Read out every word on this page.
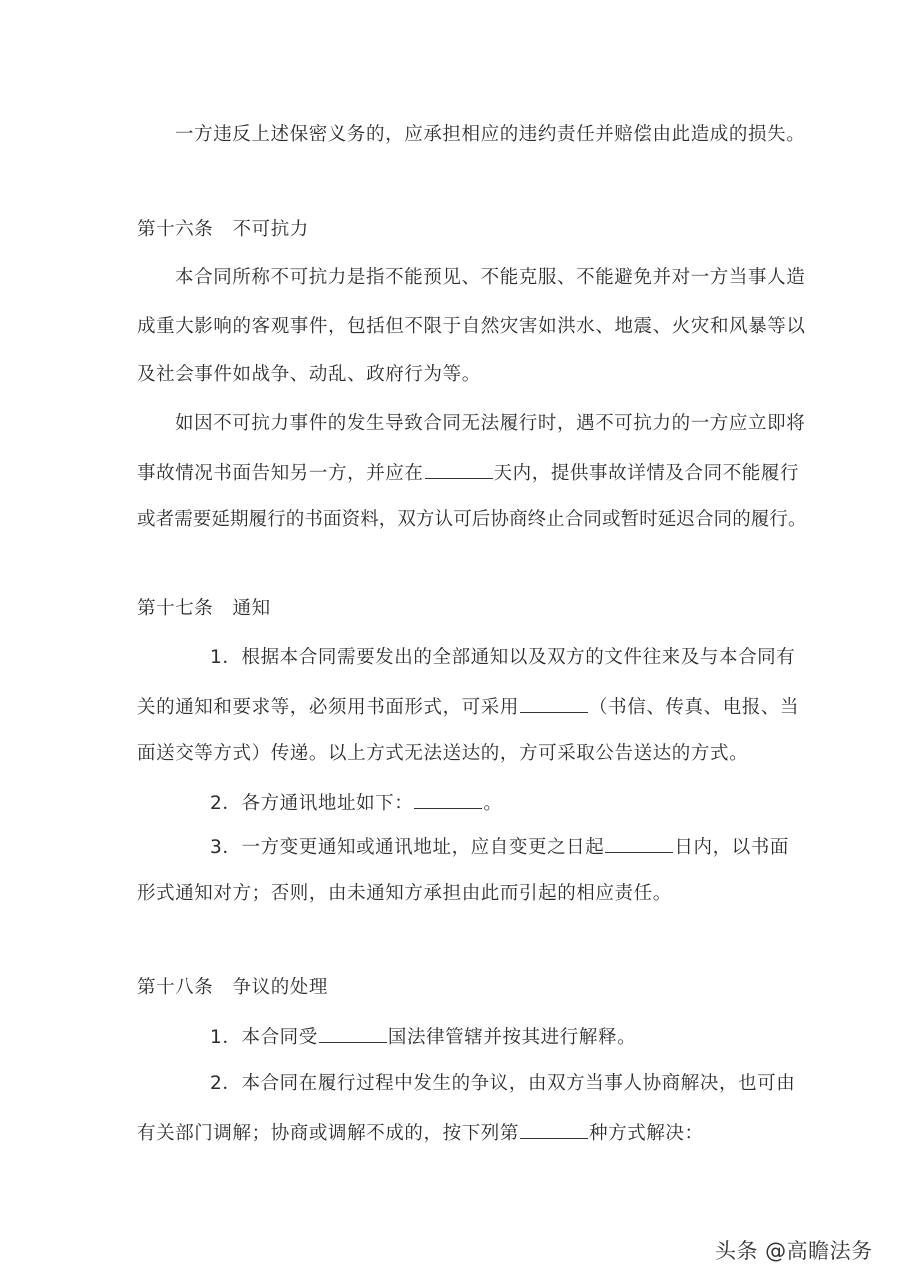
一方违反上述保密义务的，应承担相应的违约责任并赔偿由此造成的损失。
第十六条　不可抗力
本合同所称不可抗力是指不能预见、不能克服、不能避免并对一方当事人造
成重大影响的客观事件，包括但不限于自然灾害如洪水、地震、火灾和风暴等以
及社会事件如战争、动乱、政府行为等。
如因不可抗力事件的发生导致合同无法履行时，遇不可抗力的一方应立即将
事故情况书面告知另一方，并应在	天内，提供事故详情及合同不能履行
或者需要延期履行的书面资料，双方认可后协商终止合同或暂时延迟合同的履行。
第十七条　通知
1．根据本合同需要发出的全部通知以及双方的文件往来及与本合同有
关的通知和要求等，必须用书面形式，可采用	（书信、传真、电报、当
面送交等方式）传递。以上方式无法送达的，方可采取公告送达的方式。
2．各方通讯地址如下：	。
3．一方变更通知或通讯地址，应自变更之日起	日内，以书面
形式通知对方；否则，由未通知方承担由此而引起的相应责任。
第十八条　争议的处理
1．本合同受	国法律管辖并按其进行解释。
2．本合同在履行过程中发生的争议，由双方当事人协商解决，也可由
有关部门调解；协商或调解不成的，按下列第	种方式解决：
头条 @高瞻法务
